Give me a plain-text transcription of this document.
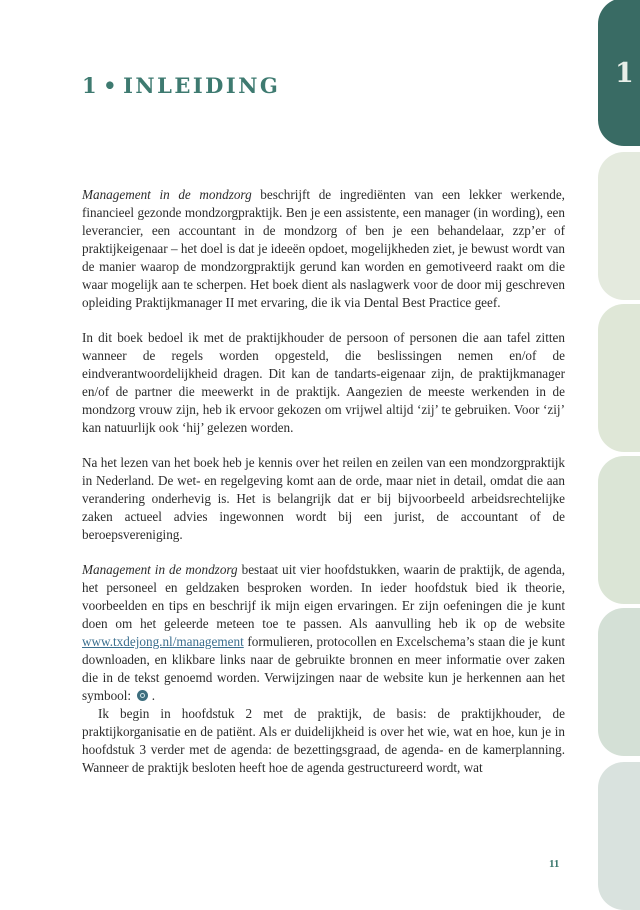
1 • INLEIDING

Management in de mondzorg beschrijft de ingrediënten van een lekker werkende, financieel gezonde mondzorgpraktijk. Ben je een assistente, een manager (in wording), een leverancier, een accountant in de mondzorg of ben je een behandelaar, zzp’er of praktijkeigenaar – het doel is dat je ideeën opdoet, mogelijkheden ziet, je bewust wordt van de manier waarop de mondzorgpraktijk gerund kan worden en gemotiveerd raakt om die waar mogelijk aan te scherpen. Het boek dient als naslagwerk voor de door mij geschreven opleiding Praktijkmanager II met ervaring, die ik via Dental Best Practice geef.

In dit boek bedoel ik met de praktijkhouder de persoon of personen die aan tafel zitten wanneer de regels worden opgesteld, die beslissingen nemen en/of de eindverantwoordelijkheid dragen. Dit kan de tandarts-eigenaar zijn, de praktijkmanager en/of de partner die meewerkt in de praktijk. Aangezien de meeste werkenden in de mondzorg vrouw zijn, heb ik ervoor gekozen om vrijwel altijd ‘zij’ te gebruiken. Voor ‘zij’ kan natuurlijk ook ‘hij’ gelezen worden.

Na het lezen van het boek heb je kennis over het reilen en zeilen van een mondzorgpraktijk in Nederland. De wet- en regelgeving komt aan de orde, maar niet in detail, omdat die aan verandering onderhevig is. Het is belangrijk dat er bij bijvoorbeeld arbeidsrechtelijke zaken actueel advies ingewonnen wordt bij een jurist, de accountant of de beroepsvereniging.

Management in de mondzorg bestaat uit vier hoofdstukken, waarin de praktijk, de agenda, het personeel en geldzaken besproken worden. In ieder hoofdstuk bied ik theorie, voorbeelden en tips en beschrijf ik mijn eigen ervaringen. Er zijn oefeningen die je kunt doen om het geleerde meteen toe te passen. Als aanvulling heb ik op de website www.txdejong.nl/management formulieren, protocollen en Excelschema’s staan die je kunt downloaden, en klikbare links naar de gebruikte bronnen en meer informatie over zaken die in de tekst genoemd worden. Verwijzingen naar de website kun je herkennen aan het symbool:  .

Ik begin in hoofdstuk 2 met de praktijk, de basis: de praktijkhouder, de praktijkorganisatie en de patiënt. Als er duidelijkheid is over het wie, wat en hoe, kun je in hoofdstuk 3 verder met de agenda: de bezettingsgraad, de agenda- en de kamerplanning. Wanneer de praktijk besloten heeft hoe de agenda gestructureerd wordt, wat

11
1
